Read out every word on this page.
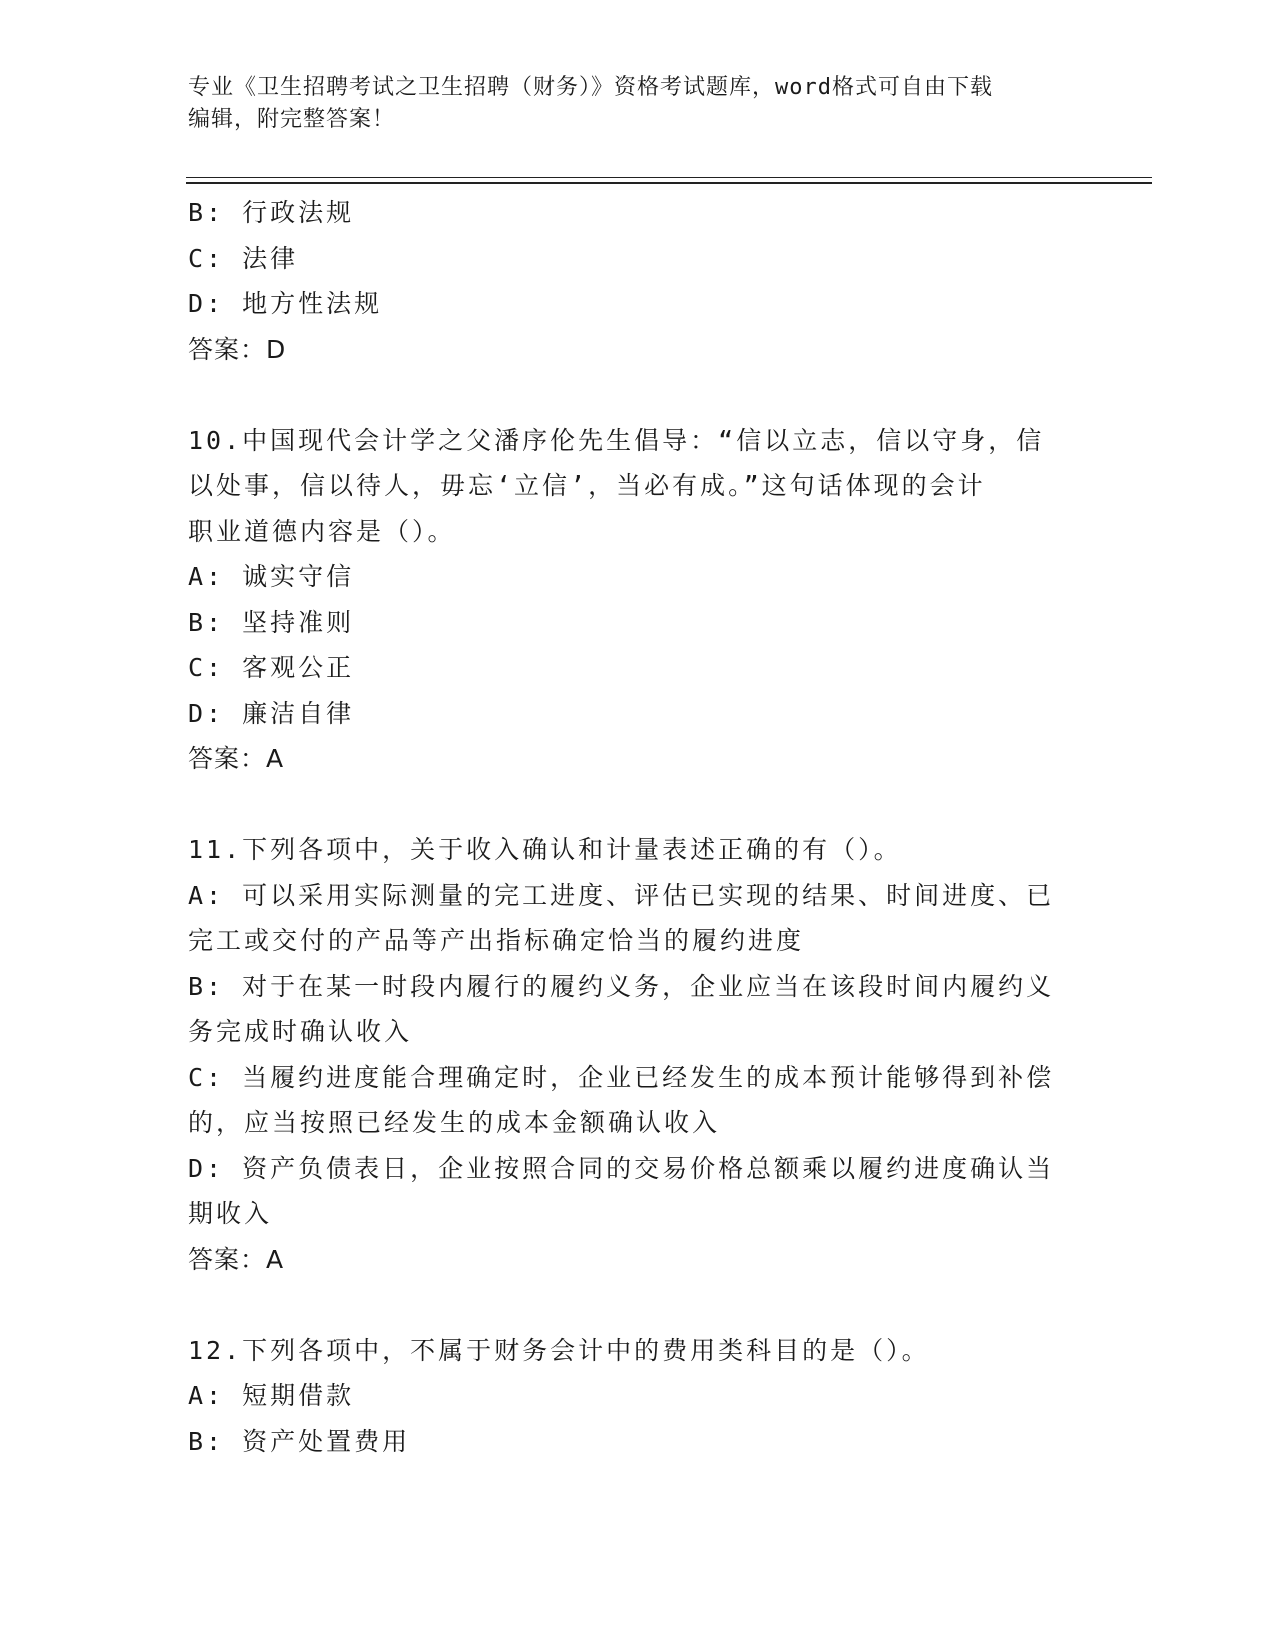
专业《卫生招聘考试之卫生招聘（财务）》资格考试题库，word格式可自由下载
编辑，附完整答案！
B: 行政法规
C: 法律
D: 地方性法规
答案：D
10.中国现代会计学之父潘序伦先生倡导：“信以立志，信以守身，信
以处事，信以待人，毋忘‘立信’，当必有成。”这句话体现的会计
职业道德内容是（）。
A: 诚实守信
B: 坚持准则
C: 客观公正
D: 廉洁自律
答案：A
11.下列各项中，关于收入确认和计量表述正确的有（）。
A: 可以采用实际测量的完工进度、评估已实现的结果、时间进度、已
完工或交付的产品等产出指标确定恰当的履约进度
B: 对于在某一时段内履行的履约义务，企业应当在该段时间内履约义
务完成时确认收入
C: 当履约进度能合理确定时，企业已经发生的成本预计能够得到补偿
的，应当按照已经发生的成本金额确认收入
D: 资产负债表日，企业按照合同的交易价格总额乘以履约进度确认当
期收入
答案：A
12.下列各项中，不属于财务会计中的费用类科目的是（）。
A: 短期借款
B: 资产处置费用
